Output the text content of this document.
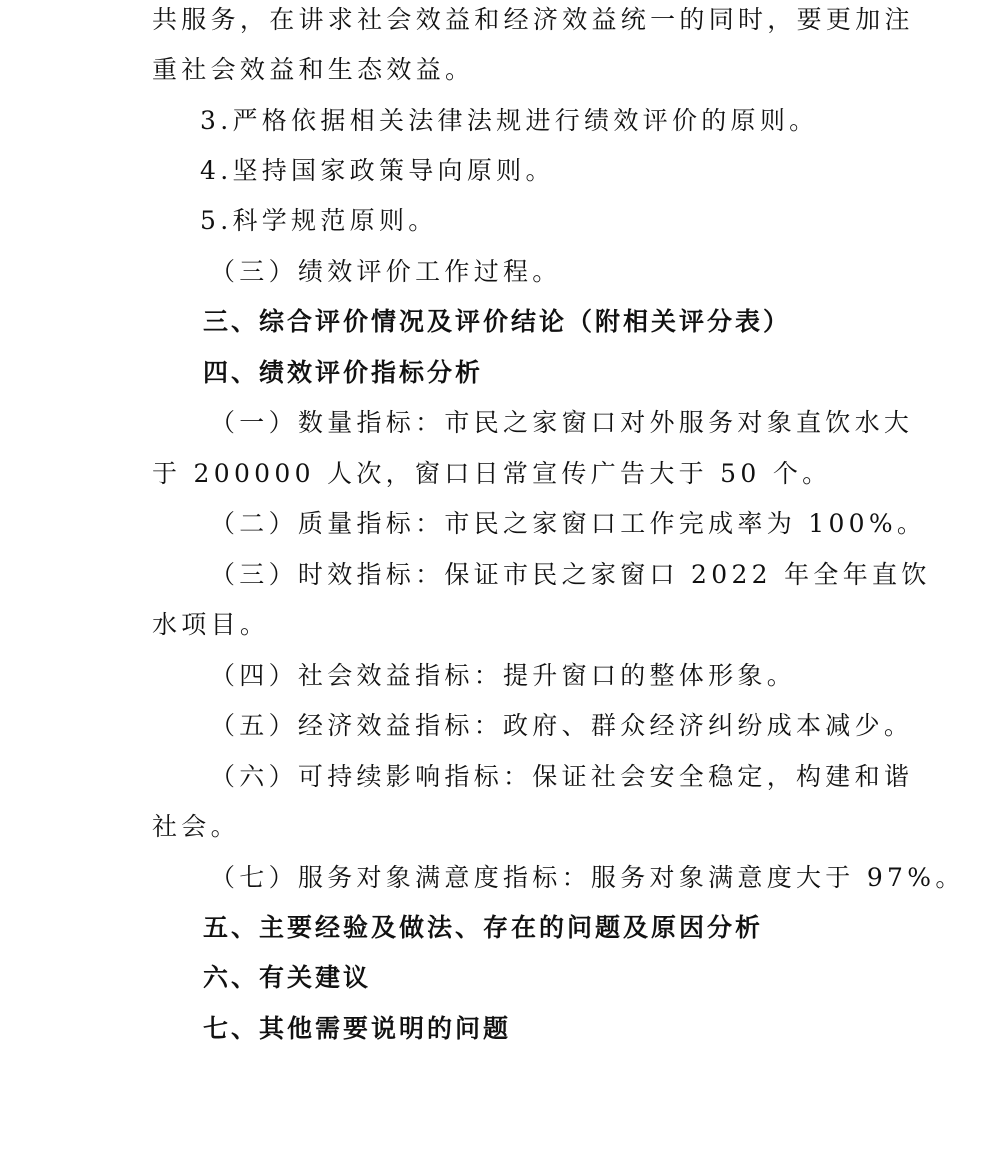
共服务，在讲求社会效益和经济效益统一的同时，要更加注
重社会效益和生态效益。
3.严格依据相关法律法规进行绩效评价的原则。
4.坚持国家政策导向原则。
5.科学规范原则。
（三）绩效评价工作过程。
三、综合评价情况及评价结论（附相关评分表）
四、绩效评价指标分析
（一）数量指标：市民之家窗口对外服务对象直饮水大
于 200000 人次，窗口日常宣传广告大于 50 个。
（二）质量指标：市民之家窗口工作完成率为 100%。
（三）时效指标：保证市民之家窗口 2022 年全年直饮
水项目。
（四）社会效益指标：提升窗口的整体形象。
（五）经济效益指标：政府、群众经济纠纷成本减少。
（六）可持续影响指标：保证社会安全稳定，构建和谐
社会。
（七）服务对象满意度指标：服务对象满意度大于 97%。
五、主要经验及做法、存在的问题及原因分析
六、有关建议
七、其他需要说明的问题
